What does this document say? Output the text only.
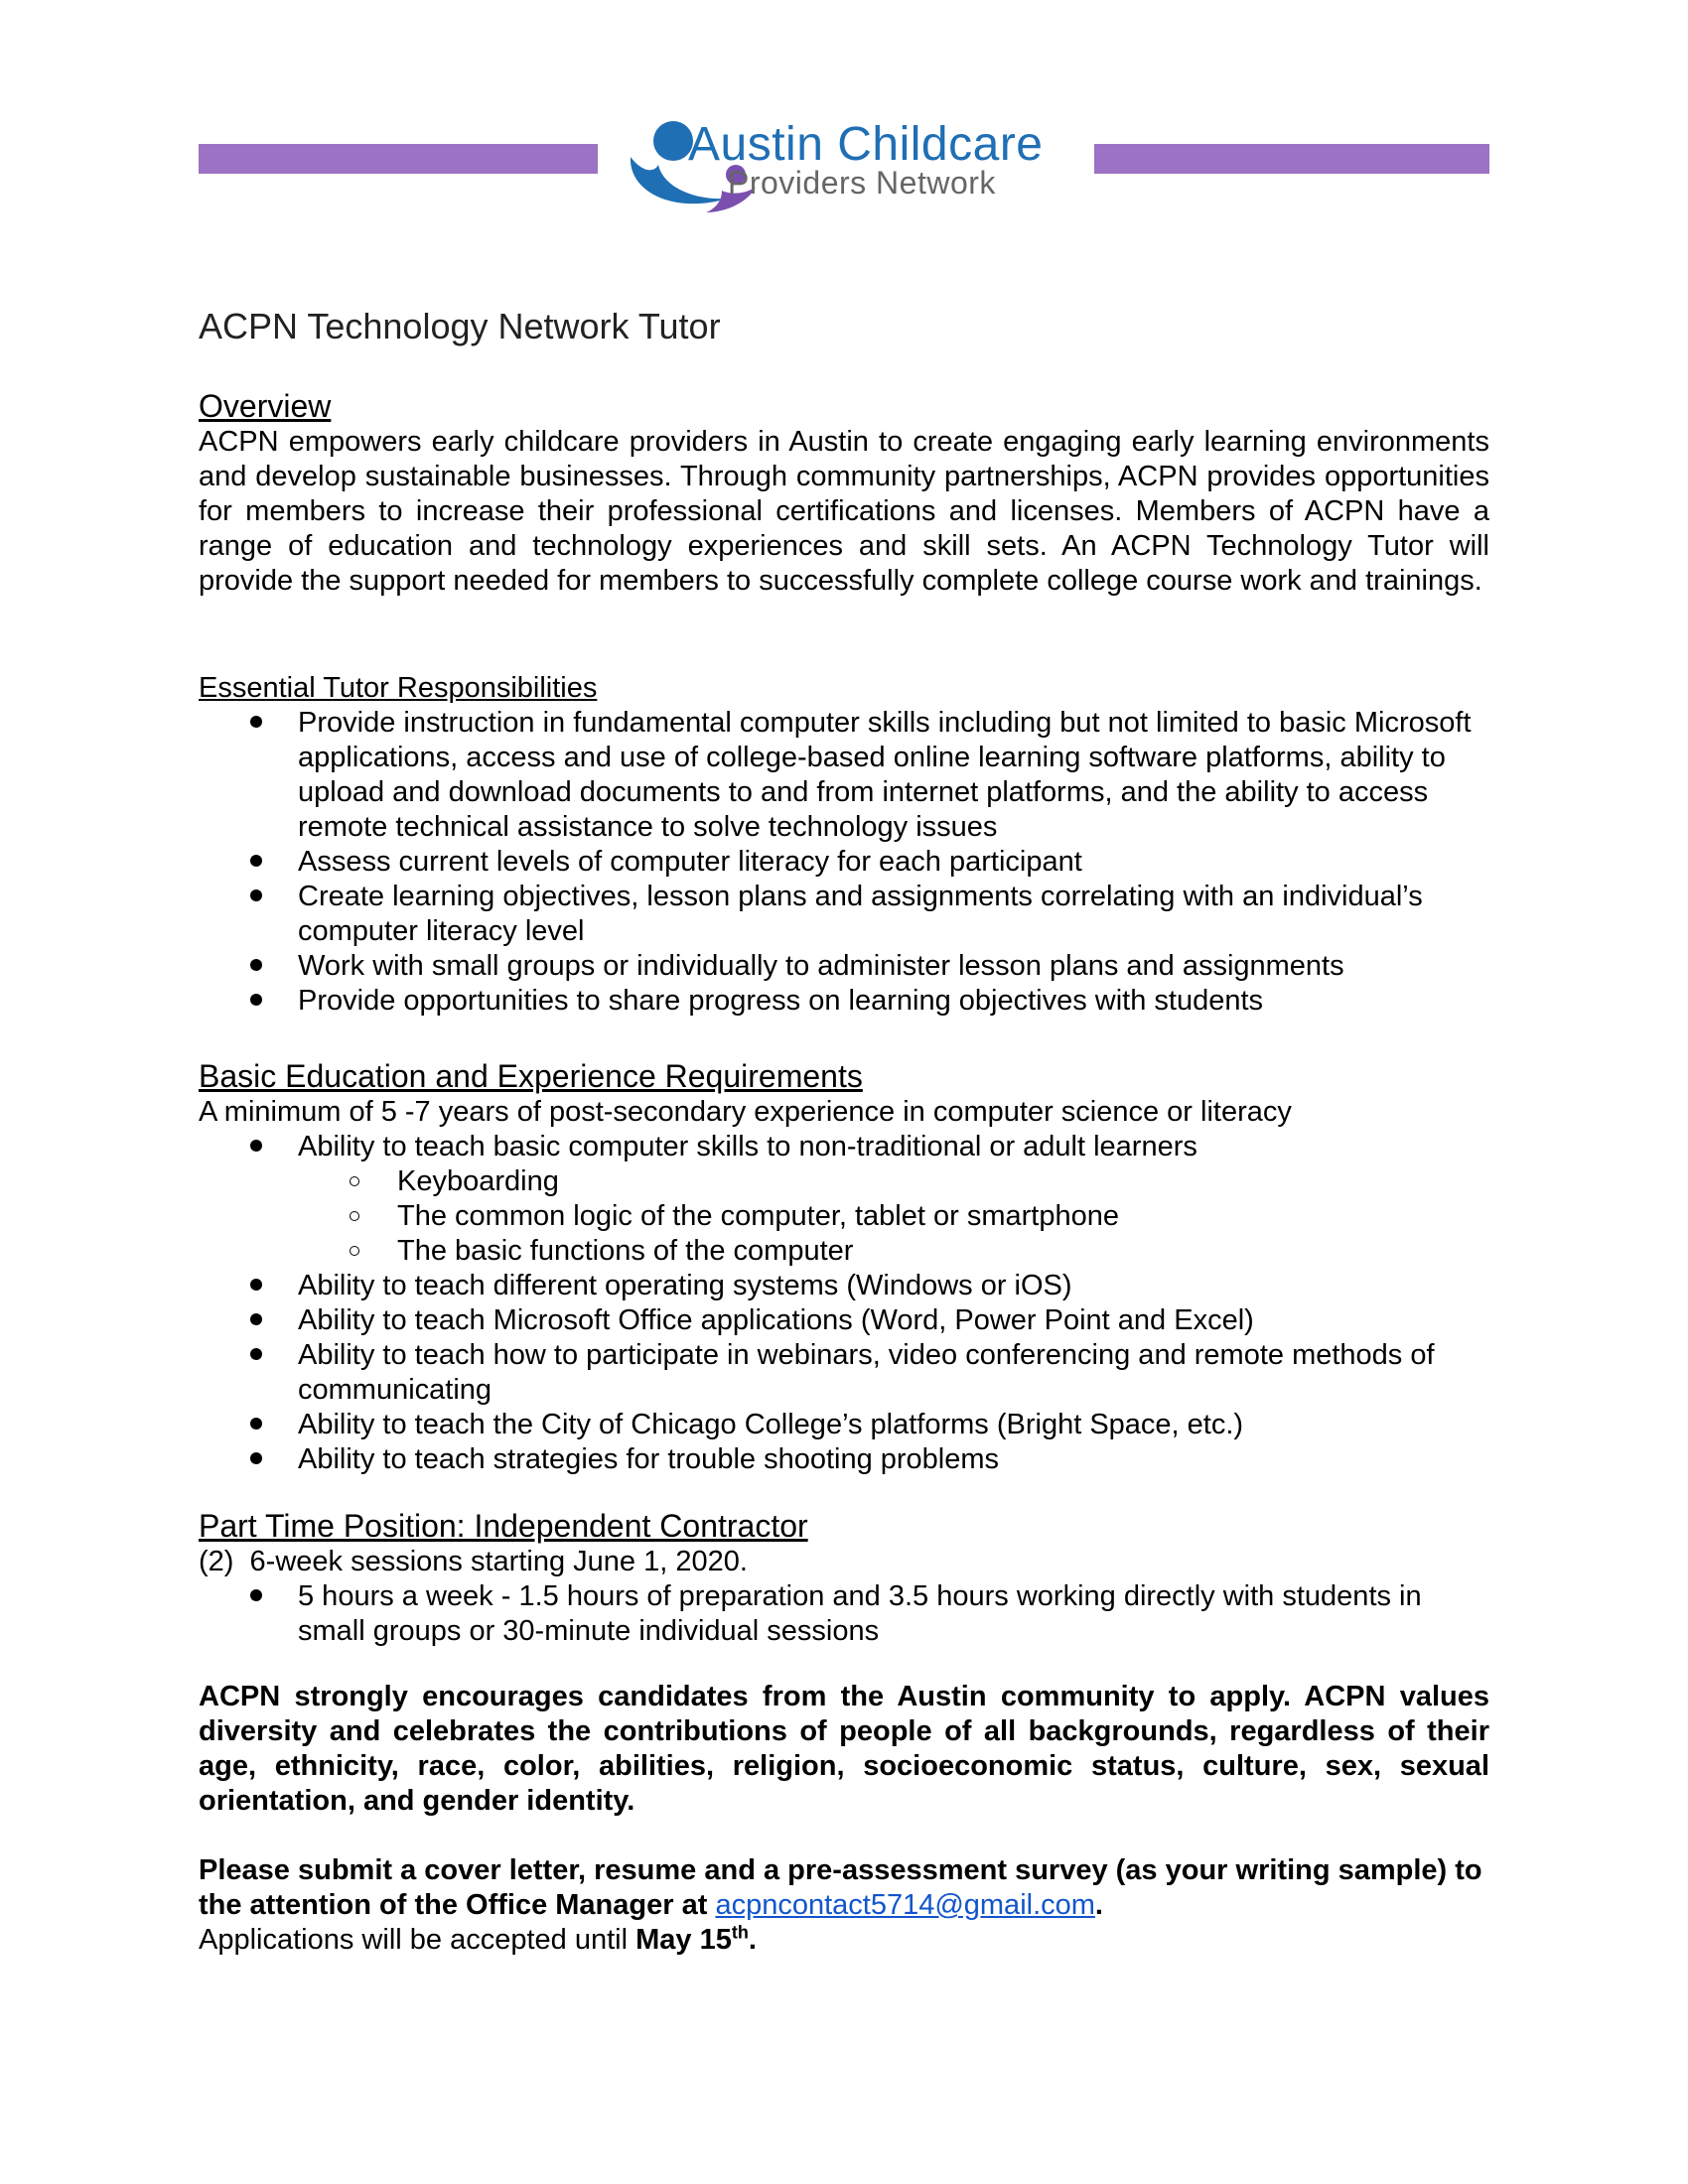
Austin Childcare
Providers Network
ACPN Technology Network Tutor
Overview

ACPN empowers early childcare providers in Austin to create engaging early learning environments and develop sustainable businesses. Through community partnerships, ACPN provides opportunities for members to increase their professional certifications and licenses. Members of ACPN have a range of education and technology experiences and skill sets. An ACPN Technology Tutor will provide the support needed for members to successfully complete college course work and trainings.

Essential Tutor Responsibilities
Provide instruction in fundamental computer skills including but not limited to basic Microsoft applications, access and use of college-based online learning software platforms, ability to upload and download documents to and from internet platforms, and the ability to access remote technical assistance to solve technology issues
Assess current levels of computer literacy for each participant
Create learning objectives, lesson plans and assignments correlating with an individual’s computer literacy level
Work with small groups or individually to administer lesson plans and assignments
Provide opportunities to share progress on learning objectives with students
Basic Education and Experience Requirements

A minimum of 5 -7 years of post-secondary experience in computer science or literacy

Ability to teach basic computer skills to non-traditional or adult learners
Keyboarding
The common logic of the computer, tablet or smartphone
The basic functions of the computer
Ability to teach different operating systems (Windows or iOS)
Ability to teach Microsoft Office applications (Word, Power Point and Excel)
Ability to teach how to participate in webinars, video conferencing and remote methods of communicating
Ability to teach the City of Chicago College’s platforms (Bright Space, etc.)
Ability to teach strategies for trouble shooting problems
Part Time Position: Independent Contractor

(2)  6-week sessions starting June 1, 2020.

5 hours a week - 1.5 hours of preparation and 3.5 hours working directly with students in small groups or 30-minute individual sessions

ACPN strongly encourages candidates from the Austin community to apply. ACPN values diversity and celebrates the contributions of people of all backgrounds, regardless of their age, ethnicity, race, color, abilities, religion, socioeconomic status, culture, sex, sexual orientation, and gender identity.

Please submit a cover letter, resume and a pre-assessment survey (as your writing sample) to the attention of the Office Manager at acpncontact5714@gmail.com.

Applications will be accepted until May 15th.
